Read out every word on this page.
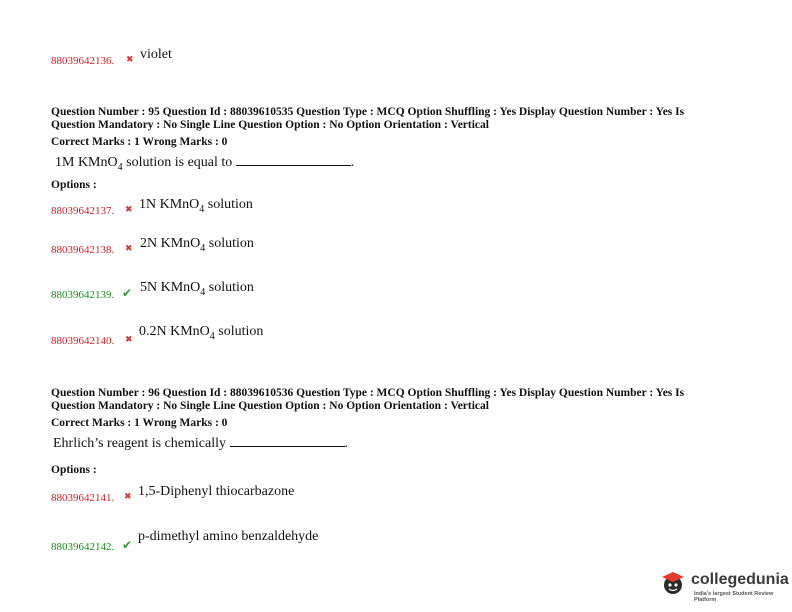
88039642136. ✖ violet
Question Number : 95 Question Id : 88039610535 Question Type : MCQ Option Shuffling : Yes Display Question Number : Yes Is
Question Mandatory : No Single Line Question Option : No Option Orientation : Vertical
Correct Marks : 1 Wrong Marks : 0
1M KMnO$_4$ solution is equal to	.
Options :
88039642137. ✖ 1N KMnO$_4$ solution
88039642138. ✖ 2N KMnO$_4$ solution
88039642139. ✔ 5N KMnO$_4$ solution
88039642140. ✖
0.2N KMnO$_4$ solution
Question Number : 96 Question Id : 88039610536 Question Type : MCQ Option Shuffling : Yes Display Question Number : Yes Is
Question Mandatory : No Single Line Question Option : No Option Orientation : Vertical
Correct Marks : 1 Wrong Marks : 0
Ehrlich’s reagent is chemically	.
Options :
88039642141. ✖ 1,5-Diphenyl thiocarbazone
88039642142. ✔
p-dimethyl amino benzaldehyde
collegedunia
India's largest Student Review Platform
